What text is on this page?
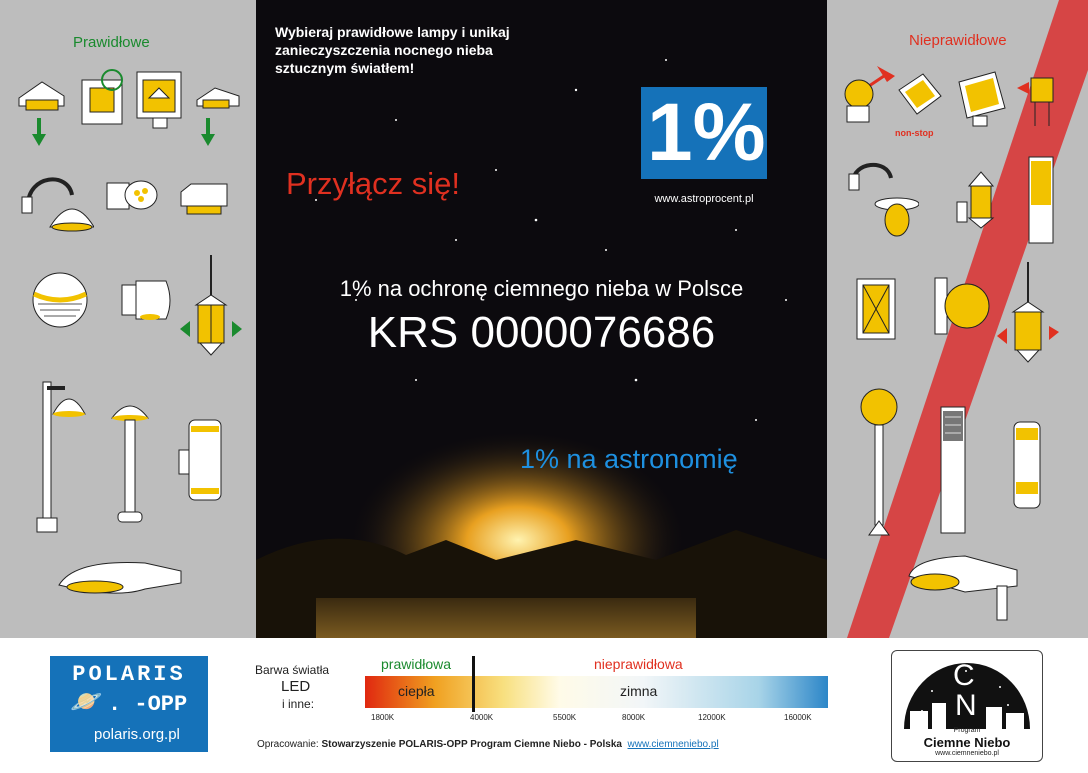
Prawidłowe	Nieprawidłowe
non-stop
Wybieraj prawidłowe lampy i unikaj
zanieczyszczenia nocnego nieba
sztucznym światłem!
Przyłącz się!
1%
www.astroprocent.pl
1% na ochronę ciemnego nieba w Polsce
KRS 0000076686
1% na astronomię
POLARIS
🪐 . -OPP
polaris.org.pl
Barwa światła
LED
i inne:
prawidłowa	nieprawidłowa
ciepła	zimna
1800K	4000K	5500K	8000K	12000K	16000K
Opracowanie: Stowarzyszenie POLARIS-OPP Program Ciemne Niebo - Polska www.ciemneniebo.pl
C
N
Program
Ciemne Niebo
www.ciemneniebo.pl
